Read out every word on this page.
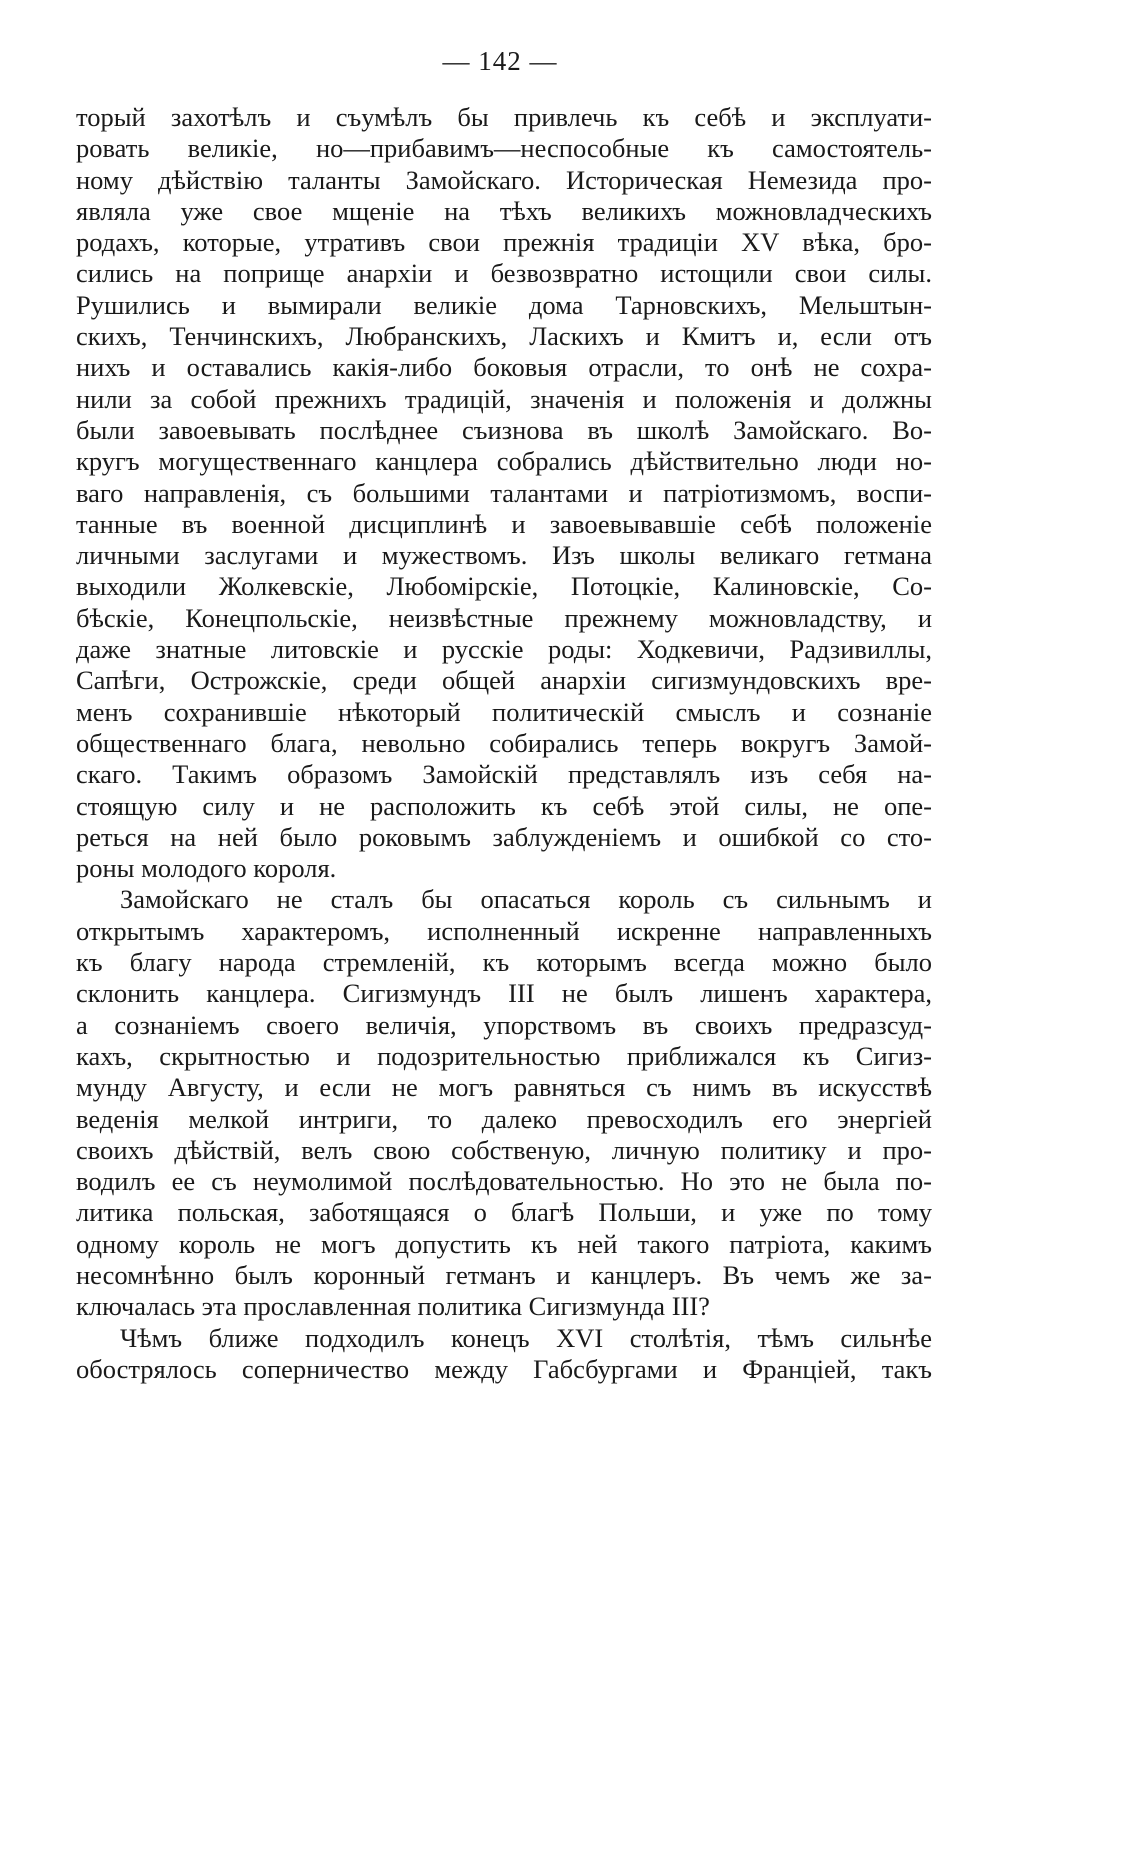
— 142 —
торый захотѣлъ и съумѣлъ бы привлечь къ себѣ и эксплуати-
ровать великіе, но—прибавимъ—неспособные къ самостоятель-
ному дѣйствію таланты Замойскаго. Историческая Немезида про-
являла уже свое мщеніе на тѣхъ великихъ можновладческихъ
родахъ, которые, утративъ свои прежнія традиціи XV вѣка, бро-
сились на поприще анархіи и безвозвратно истощили свои силы.
Рушились и вымирали великіе дома Тарновскихъ, Мельштын-
скихъ, Тенчинскихъ, Любранскихъ, Ласкихъ и Кмитъ и, если отъ
нихъ и оставались какія-либо боковыя отрасли, то онѣ не сохра-
нили за собой прежнихъ традицій, значенія и положенія и должны
были завоевывать послѣднее съизнова въ школѣ Замойскаго. Во-
кругъ могущественнаго канцлера собрались дѣйствительно люди но-
ваго направленія, съ большими талантами и патріотизмомъ, воспи-
танные въ военной дисциплинѣ и завоевывавшіе себѣ положеніе
личными заслугами и мужествомъ. Изъ школы великаго гетмана
выходили Жолкевскіе, Любомірскіе, Потоцкіе, Калиновскіе, Со-
бѣскіе, Конецпольскіе, неизвѣстные прежнему можновладству, и
даже знатные литовскіе и русскіе роды: Ходкевичи, Радзивиллы,
Сапѣги, Острожскіе, среди общей анархіи сигизмундовскихъ вре-
менъ сохранившіе нѣкоторый политическій смыслъ и сознаніе
общественнаго блага, невольно собирались теперь вокругъ Замой-
скаго. Такимъ образомъ Замойскій представлялъ изъ себя на-
стоящую силу и не расположить къ себѣ этой силы, не опе-
реться на ней было роковымъ заблужденіемъ и ошибкой со сто-
роны молодого короля.
Замойскаго не сталъ бы опасаться король съ сильнымъ и
открытымъ характеромъ, исполненный искренне направленныхъ
къ благу народа стремленій, къ которымъ всегда можно было
склонить канцлера. Сигизмундъ III не былъ лишенъ характера,
а сознаніемъ своего величія, упорствомъ въ своихъ предразсуд-
кахъ, скрытностью и подозрительностью приближался къ Сигиз-
мунду Августу, и если не могъ равняться съ нимъ въ искусствѣ
веденія мелкой интриги, то далеко превосходилъ его энергіей
своихъ дѣйствій, велъ свою собственую, личную политику и про-
водилъ ее съ неумолимой послѣдовательностью. Но это не была по-
литика польская, заботящаяся о благѣ Польши, и уже по тому
одному король не могъ допустить къ ней такого патріота, какимъ
несомнѣнно былъ коронный гетманъ и канцлеръ. Въ чемъ же за-
ключалась эта прославленная политика Сигизмунда III?
Чѣмъ ближе подходилъ конецъ XVI столѣтія, тѣмъ сильнѣе
обострялось соперничество между Габсбургами и Франціей, такъ
